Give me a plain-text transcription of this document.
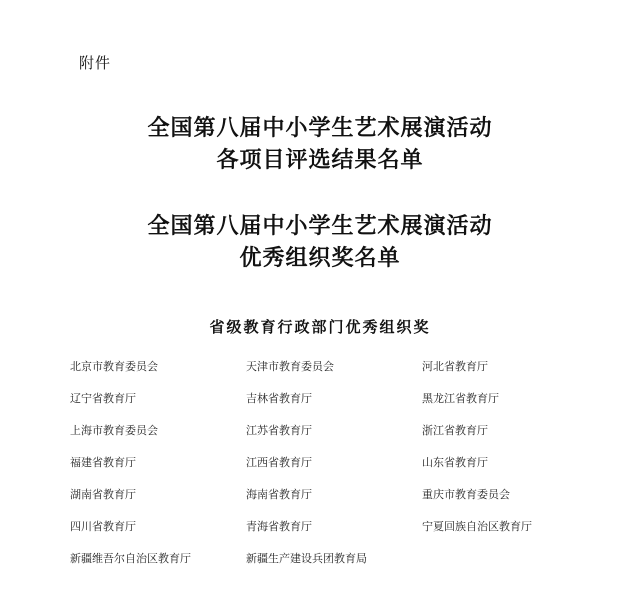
附件
全国第八届中小学生艺术展演活动
各项目评选结果名单
全国第八届中小学生艺术展演活动
优秀组织奖名单
省级教育行政部门优秀组织奖
北京市教育委员会	天津市教育委员会	河北省教育厅
辽宁省教育厅	吉林省教育厅	黑龙江省教育厅
上海市教育委员会	江苏省教育厅	浙江省教育厅
福建省教育厅	江西省教育厅	山东省教育厅
湖南省教育厅	海南省教育厅	重庆市教育委员会
四川省教育厅	青海省教育厅	宁夏回族自治区教育厅
新疆维吾尔自治区教育厅	新疆生产建设兵团教育局
